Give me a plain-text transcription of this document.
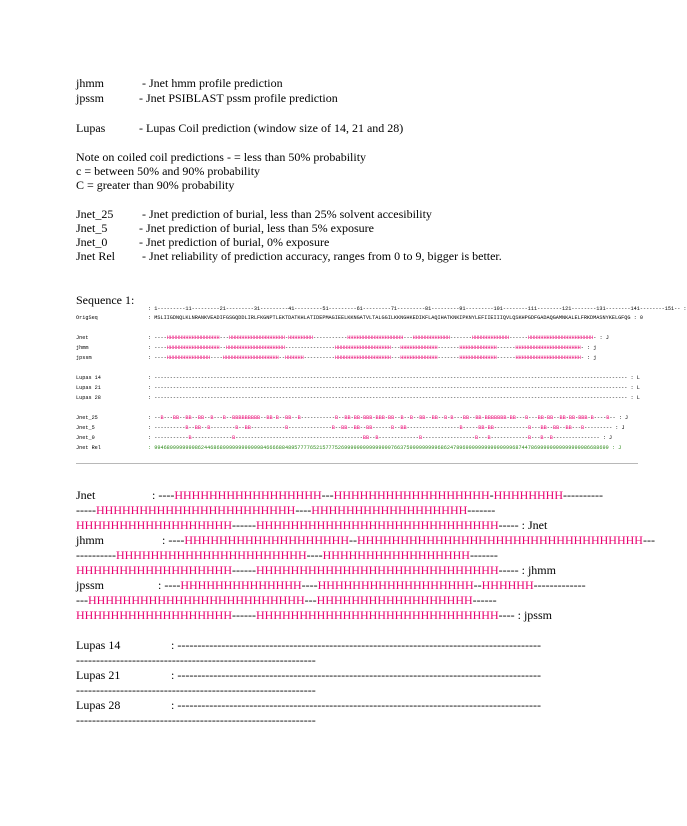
jhmm	- Jnet hmm profile prediction
jpssm	- Jnet PSIBLAST pssm profile prediction
Lupas	- Lupas Coil prediction (window size of 14, 21 and 28)
Note on coiled coil predictions - = less than 50% probability
c = between 50% and 90% probability
C = greater than 90% probability
Jnet_25 - Jnet prediction of burial, less than 25% solvent accesibility
Jnet_5	- Jnet prediction of burial, less than 5% exposure
Jnet_0	- Jnet prediction of burial, 0% exposure
Jnet Rel - Jnet reliability of prediction accuracy, ranges from 0 to 9, bigger is better.
Sequence 1:
: 1---------11---------21---------31---------41---------51---------61---------71---------81---------91---------101--------111--------121--------131--------141--------151-- :
OrigSeq	: MSLIIGDNQLKLNRANKVEADIFGSGQDDLIRLFKGNPTLEKTDATKHLATIDEPMAGIEELKKNGATVLTALGGILKKNGHKEDIKFLAQIHATKNKIPKNYLEFIIEIIIQVLQSKHPGDFGADAQGAMNKALELFRKDMASNYKELGFQG : 0
Jnet	: ----HHHHHHHHHHHHHHHHH---HHHHHHHHHHHHHHHHHH-HHHHHHHH-----------HHHHHHHHHHHHHHHHHH---HHHHHHHHHHHH-------HHHHHHHHHHHH------HHHHHHHHHHHHHHHHHHHHH- : J
jhmm	: ----HHHHHHHHHHHHHHHHH--HHHHHHHHHHHHHHHHHHH----------------HHHHHHHHHHHHHHHHHH---HHHHHHHHHHHH-------HHHHHHHHHHHH------HHHHHHHHHHHHHHHHHHHHH- : j
jpssm	: ----HHHHHHHHHHHHHH----HHHHHHHHHHHHHHHHHH--HHHHHH----------HHHHHHHHHHHHHHHHHH---HHHHHHHHHHHH-------HHHHHHHHHHHH------HHHHHHHHHHHHHHHHHHHHH- : j
Lupas 14	: -------------------------------------------------------------------------------------------------------------------------------------------------------- : L
Lupas 21	: -------------------------------------------------------------------------------------------------------------------------------------------------------- : L
Lupas 28	: -------------------------------------------------------------------------------------------------------------------------------------------------------- : L
Jnet_25	: --B---BB--BB--BB--B---B--BBBBBBBBB--BB-B--BB--B-----------B--BB-BB-BBB-BBB-BB--B--B--BB--BB--B-B---BB--BB-BBBBBBB-BB---B---BB-BB--BB-BB-BBB-B----B-- : J
Jnet_5	: ----------B--BB--B--------B--BB-----------B--------------B--BB--BB--BB------B--BB-----------------B-----BB-BB-----------B---BB--BB--BB---B--------- : J
Jnet_0	: -----------B-------------B-----------------------------------------BB--B-------------B-----------------B---B------------B---B--B--------------- : J
Jnet Rel	: 99468999999998624468689999999999998466668848957777652157775269999999999999997663759999999996862478969999999999999996874478699999999999999986688699 : J
Jnet	: ----HHHHHHHHHHHHHHHHH---HHHHHHHHHHHHHHHHHH-HHHHHHHH----------
-----HHHHHHHHHHHHHHHHHHHHHHH----HHHHHHHHHHHHHHHHHH-------
HHHHHHHHHHHHHHHHHH------HHHHHHHHHHHHHHHHHHHHHHHHHHHH----- : Jnet
jhmm	: ----HHHHHHHHHHHHHHHHHHH--HHHHHHHHHHHHHHHHHHHHHHHHHHHHHHHHH---
----------HHHHHHHHHHHHHHHHHHHHHH----HHHHHHHHHHHHHHHHH-------
HHHHHHHHHHHHHHHHHH------HHHHHHHHHHHHHHHHHHHHHHHHHHHH----- : jhmm
jpssm	: ----HHHHHHHHHHHHHH----HHHHHHHHHHHHHHHHHH--HHHHHH-------------
---HHHHHHHHHHHHHHHHHHHHHHHHH---HHHHHHHHHHHHHHHHHH------
HHHHHHHHHHHHHHHHHH------HHHHHHHHHHHHHHHHHHHHHHHHHHHH---- : jpssm
Lupas 14	: -------------------------------------------------------------------------------------------
------------------------------------------------------------
Lupas 21	: -------------------------------------------------------------------------------------------
------------------------------------------------------------
Lupas 28	: -------------------------------------------------------------------------------------------
------------------------------------------------------------
